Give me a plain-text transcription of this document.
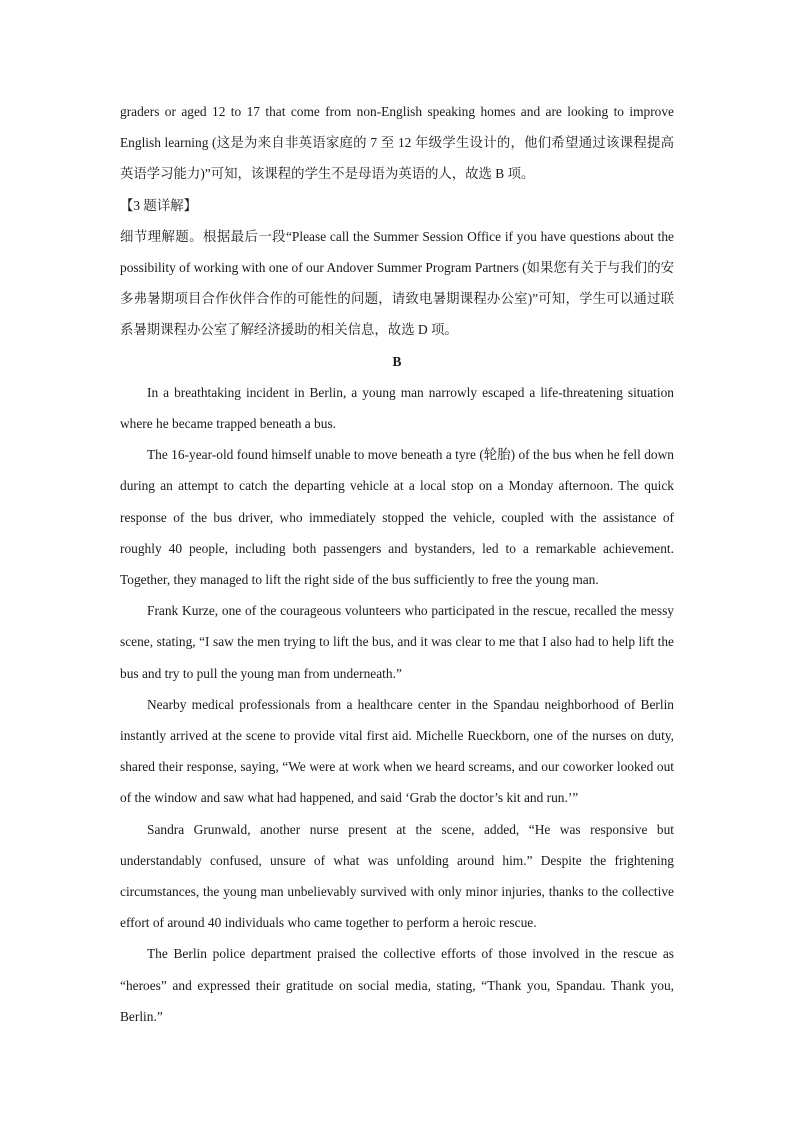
graders or aged 12 to 17 that come from non-English speaking homes and are looking to improve English learning (这是为来自非英语家庭的 7 至 12 年级学生设计的，他们希望通过该课程提高英语学习能力)”可知，该课程的学生不是母语为英语的人，故选 B 项。

【3 题详解】

细节理解题。根据最后一段“Please call the Summer Session Office if you have questions about the possibility of working with one of our Andover Summer Program Partners (如果您有关于与我们的安多弗暑期项目合作伙伴合作的可能性的问题，请致电暑期课程办公室)”可知，学生可以通过联系暑期课程办公室了解经济援助的相关信息，故选 D 项。

B

In a breathtaking incident in Berlin, a young man narrowly escaped a life-threatening situation where he became trapped beneath a bus.

The 16-year-old found himself unable to move beneath a tyre (轮胎) of the bus when he fell down during an attempt to catch the departing vehicle at a local stop on a Monday afternoon. The quick response of the bus driver, who immediately stopped the vehicle, coupled with the assistance of roughly 40 people, including both passengers and bystanders, led to a remarkable achievement. Together, they managed to lift the right side of the bus sufficiently to free the young man.

Frank Kurze, one of the courageous volunteers who participated in the rescue, recalled the messy scene, stating, “I saw the men trying to lift the bus, and it was clear to me that I also had to help lift the bus and try to pull the young man from underneath.”

Nearby medical professionals from a healthcare center in the Spandau neighborhood of Berlin instantly arrived at the scene to provide vital first aid. Michelle Rueckborn, one of the nurses on duty, shared their response, saying, “We were at work when we heard screams, and our coworker looked out of the window and saw what had happened, and said ‘Grab the doctor’s kit and run.’”

Sandra Grunwald, another nurse present at the scene, added, “He was responsive but understandably confused, unsure of what was unfolding around him.” Despite the frightening circumstances, the young man unbelievably survived with only minor injuries, thanks to the collective effort of around 40 individuals who came together to perform a heroic rescue.

The Berlin police department praised the collective efforts of those involved in the rescue as “heroes” and expressed their gratitude on social media, stating, “Thank you, Spandau. Thank you, Berlin.”
